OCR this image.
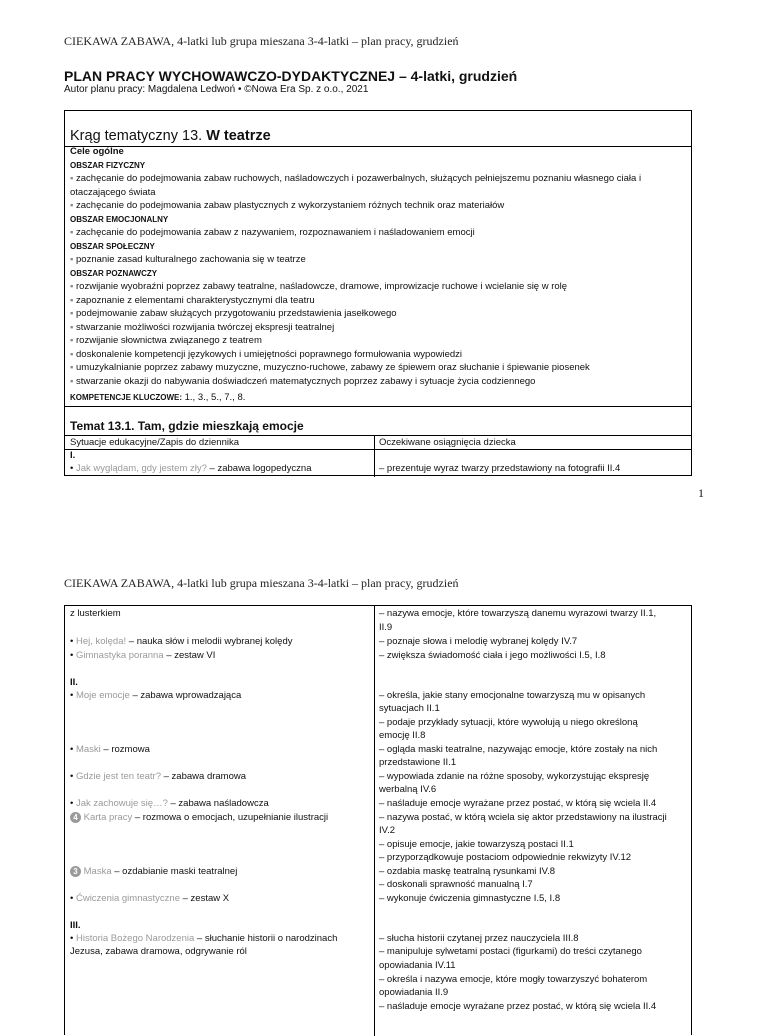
CIEKAWA ZABAWA, 4-latki lub grupa mieszana 3-4-latki – plan pracy, grudzień
PLAN PRACY WYCHOWAWCZO-DYDAKTYCZNEJ – 4-latki, grudzień
Autor planu pracy: Magdalena Ledwoń • ©Nowa Era Sp. z o.o., 2021
Krąg tematyczny 13. W teatrze
Cele ogólne
OBSZAR FIZYCZNY
▪ zachęcanie do podejmowania zabaw ruchowych, naśladowczych i pozawerbalnych, służących pełniejszemu poznaniu własnego ciała i otaczającego świata
▪ zachęcanie do podejmowania zabaw plastycznych z wykorzystaniem różnych technik oraz materiałów
OBSZAR EMOCJONALNY
▪ zachęcanie do podejmowania zabaw z nazywaniem, rozpoznawaniem i naśladowaniem emocji
OBSZAR SPOŁECZNY
▪ poznanie zasad kulturalnego zachowania się w teatrze
OBSZAR POZNAWCZY
▪ rozwijanie wyobraźni poprzez zabawy teatralne, naśladowcze, dramowe, improwizacje ruchowe i wcielanie się w rolę
▪ zapoznanie z elementami charakterystycznymi dla teatru
▪ podejmowanie zabaw służących przygotowaniu przedstawienia jasełkowego
▪ stwarzanie możliwości rozwijania twórczej ekspresji teatralnej
▪ rozwijanie słownictwa związanego z teatrem
▪ doskonalenie kompetencji językowych i umiejętności poprawnego formułowania wypowiedzi
▪ umuzykalnianie poprzez zabawy muzyczne, muzyczno-ruchowe, zabawy ze śpiewem oraz słuchanie i śpiewanie piosenek
▪ stwarzanie okazji do nabywania doświadczeń matematycznych poprzez zabawy i sytuacje życia codziennego
KOMPETENCJE KLUCZOWE: 1., 3., 5., 7., 8.
Temat 13.1. Tam, gdzie mieszkają emocje
Sytuacje edukacyjne/Zapis do dziennika	Oczekiwane osiągnięcia dziecka
I.
• Jak wyglądam, gdy jestem zły? – zabawa logopedyczna	– prezentuje wyraz twarzy przedstawiony na fotografii II.4
1
CIEKAWA ZABAWA, 4-latki lub grupa mieszana 3-4-latki – plan pracy, grudzień
z lusterkiem
• Hej, kolęda! – nauka słów i melodii wybranej kolędy
• Gimnastyka poranna – zestaw VI
II.
• Moje emocje – zabawa wprowadzająca
• Maski – rozmowa
• Gdzie jest ten teatr? – zabawa dramowa
• Jak zachowuje się…? – zabawa naśladowcza
4 Karta pracy – rozmowa o emocjach, uzupełnianie ilustracji
3 Maska – ozdabianie maski teatralnej
• Ćwiczenia gimnastyczne – zestaw X
III.
• Historia Bożego Narodzenia – słuchanie historii o narodzinach
Jezusa, zabawa dramowa, odgrywanie ról
– nazywa emocje, które towarzyszą danemu wyrazowi twarzy II.1,
II.9
– poznaje słowa i melodię wybranej kolędy IV.7
– zwiększa świadomość ciała i jego możliwości I.5, I.8
– określa, jakie stany emocjonalne towarzyszą mu w opisanych
sytuacjach II.1
– podaje przykłady sytuacji, które wywołują u niego określoną
emocję II.8
– ogląda maski teatralne, nazywając emocje, które zostały na nich
przedstawione II.1
– wypowiada zdanie na różne sposoby, wykorzystując ekspresję
werbalną IV.6
– naśladuje emocje wyrażane przez postać, w którą się wciela II.4
– nazywa postać, w którą wciela się aktor przedstawiony na ilustracji
IV.2
– opisuje emocje, jakie towarzyszą postaci II.1
– przyporządkowuje postaciom odpowiednie rekwizyty IV.12
– ozdabia maskę teatralną rysunkami IV.8
– doskonali sprawność manualną I.7
– wykonuje ćwiczenia gimnastyczne I.5, I.8
– słucha historii czytanej przez nauczyciela III.8
– manipuluje sylwetami postaci (figurkami) do treści czytanego
opowiadania IV.11
– określa i nazywa emocje, które mogły towarzyszyć bohaterom
opowiadania II.9
– naśladuje emocje wyrażane przez postać, w którą się wciela II.4
